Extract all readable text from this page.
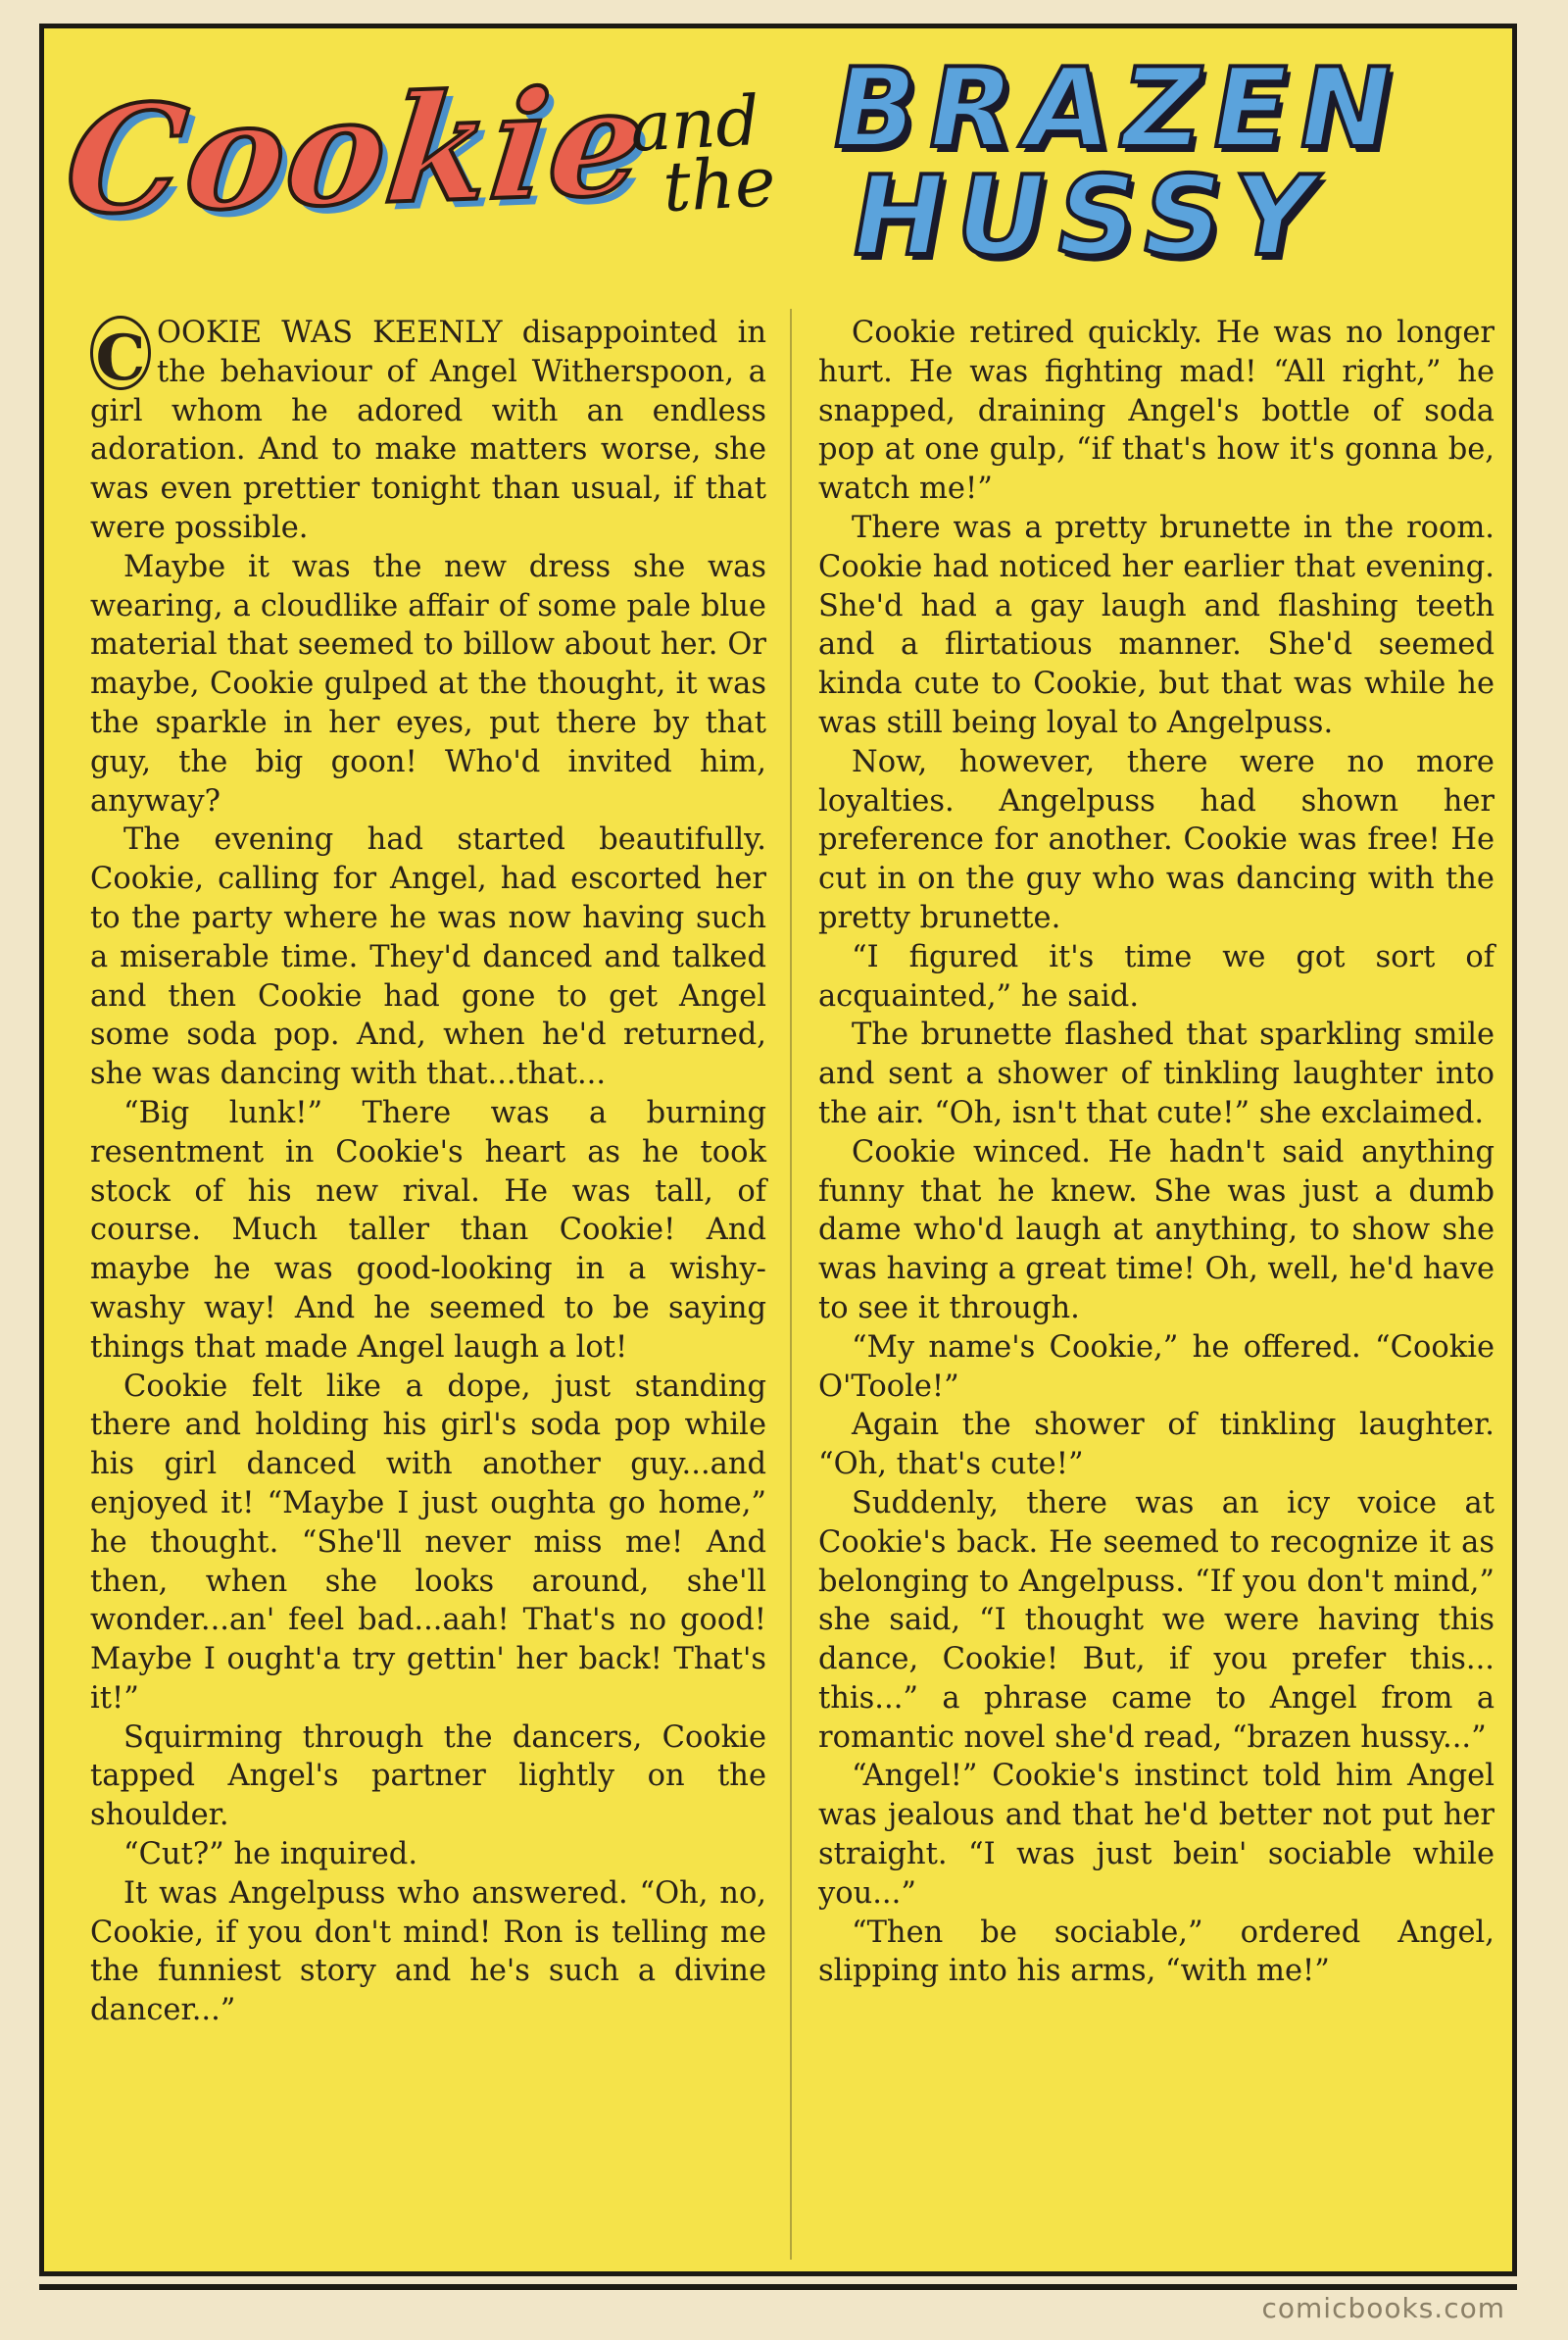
Cookie
and
the
BRAZEN
HUSSY
C OOKIE WAS KEENLY disappointed in the behaviour of Angel Witherspoon, a girl whom he adored with an endless adoration. And to make matters worse, she was even prettier tonight than usual, if that were possible.

Maybe it was the new dress she was wearing, a cloudlike affair of some pale blue material that seemed to billow about her. Or maybe, Cookie gulped at the thought, it was the sparkle in her eyes, put there by that guy, the big goon! Who'd invited him, anyway?

The evening had started beautifully. Cookie, calling for Angel, had escorted her to the party where he was now having such a miserable time. They'd danced and talked and then Cookie had gone to get Angel some soda pop. And, when he'd returned, she was dancing with that...that...

“Big lunk!” There was a burning resentment in Cookie's heart as he took stock of his new rival. He was tall, of course. Much taller than Cookie! And maybe he was good-looking in a wishy-washy way! And he seemed to be saying things that made Angel laugh a lot!

Cookie felt like a dope, just standing there and holding his girl's soda pop while his girl danced with another guy...and enjoyed it! “Maybe I just oughta go home,” he thought. “She'll never miss me! And then, when she looks around, she'll wonder...an' feel bad...aah! That's no good! Maybe I ought'a try gettin' her back! That's it!”

Squirming through the dancers, Cookie tapped Angel's partner lightly on the shoulder.

“Cut?” he inquired.

It was Angelpuss who answered. “Oh, no, Cookie, if you don't mind! Ron is telling me the funniest story and he's such a divine dancer...”

Cookie retired quickly. He was no longer hurt. He was fighting mad! “All right,” he snapped, draining Angel's bottle of soda pop at one gulp, “if that's how it's gonna be, watch me!”

There was a pretty brunette in the room. Cookie had noticed her earlier that evening. She'd had a gay laugh and flashing teeth and a flirtatious manner. She'd seemed kinda cute to Cookie, but that was while he was still being loyal to Angelpuss.

Now, however, there were no more loyalties. Angelpuss had shown her preference for another. Cookie was free! He cut in on the guy who was dancing with the pretty brunette.

“I figured it's time we got sort of acquainted,” he said.

The brunette flashed that sparkling smile and sent a shower of tinkling laughter into the air. “Oh, isn't that cute!” she exclaimed.

Cookie winced. He hadn't said anything funny that he knew. She was just a dumb dame who'd laugh at anything, to show she was having a great time! Oh, well, he'd have to see it through.

“My name's Cookie,” he offered. “Cookie O'Toole!”

Again the shower of tinkling laughter. “Oh, that's cute!”

Suddenly, there was an icy voice at Cookie's back. He seemed to recognize it as belonging to Angelpuss. “If you don't mind,” she said, “I thought we were having this dance, Cookie! But, if you prefer this... this...” a phrase came to Angel from a romantic novel she'd read, “brazen hussy...”

“Angel!” Cookie's instinct told him Angel was jealous and that he'd better not put her straight. “I was just bein' sociable while you...”

“Then be sociable,” ordered Angel, slipping into his arms, “with me!”

comicbooks.com
